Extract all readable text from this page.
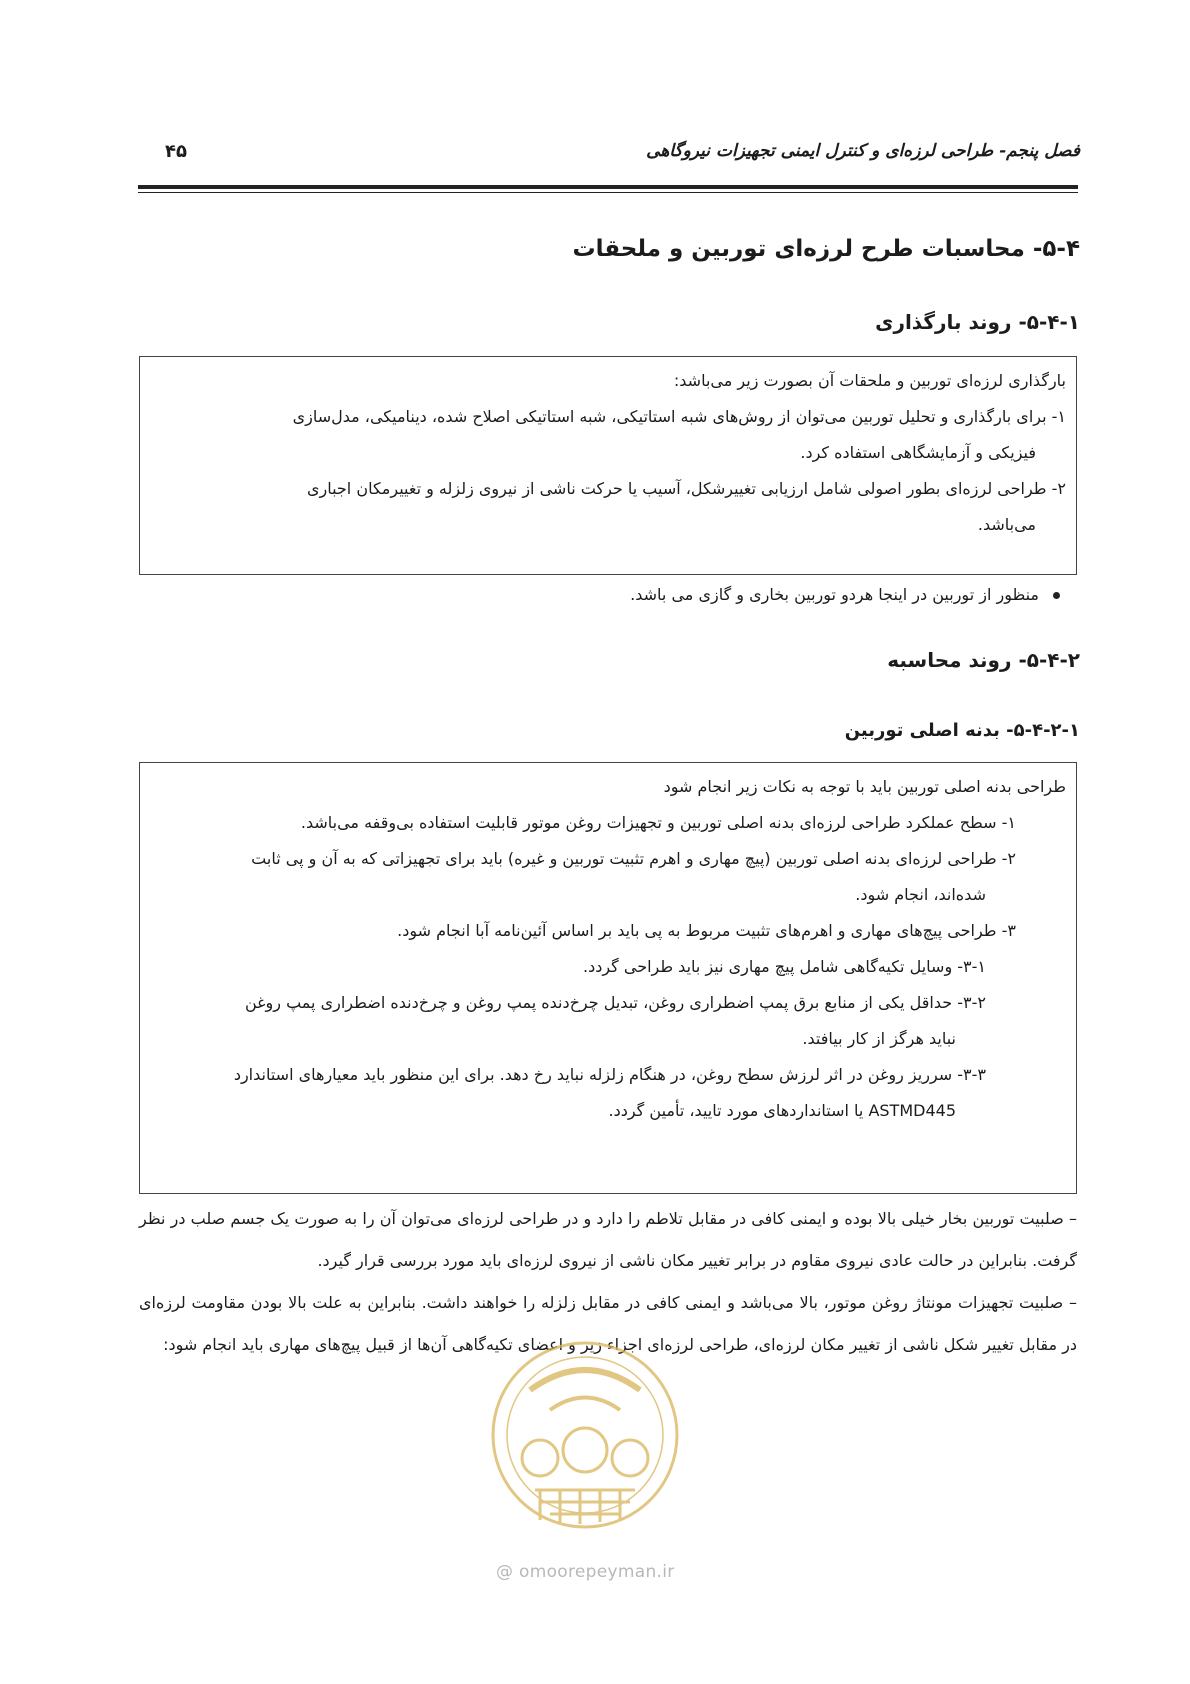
فصل پنجم- طراحی لرزه‌ای و کنترل ایمنی تجهیزات نیروگاهی
۴۵
۵-۴- محاسبات طرح لرزه‌ای توربین و ملحقات
۵-۴-۱- روند بارگذاری
بارگذاری لرزه‌ای توربین و ملحقات آن بصورت زیر می‌باشد:
۱- برای بارگذاری و تحلیل توربین می‌توان از روش‌های شبه استاتیکی، شبه استاتیکی اصلاح شده، دینامیکی، مدل‌سازی
فیزیکی و آزمایشگاهی استفاده کرد.
۲- طراحی لرزه‌ای بطور اصولی شامل ارزیابی تغییرشکل، آسیب یا حرکت ناشی از نیروی زلزله و تغییرمکان اجباری
می‌باشد.
منظور از توربین در اینجا هردو توربین بخاری و گازی می باشد.
۵-۴-۲- روند محاسبه
۵-۴-۲-۱- بدنه اصلی توربین
طراحی بدنه اصلی توربین باید با توجه به نکات زیر انجام شود
۱- سطح عملکرد طراحی لرزه‌ای بدنه اصلی توربین و تجهیزات روغن موتور قابلیت استفاده بی‌وقفه می‌باشد.
۲- طراحی لرزه‌ای بدنه اصلی توربین (پیچ مهاری و اهرم تثبیت توربین و غیره) باید برای تجهیزاتی که به آن و پی ثابت
شده‌اند، انجام شود.
۳- طراحی پیچ‌های مهاری و اهرم‌های تثبیت مربوط به پی باید بر اساس آئین‌نامه آبا انجام شود.
۳-۱- وسایل تکیه‌گاهی شامل پیچ مهاری نیز باید طراحی گردد.
۳-۲- حداقل یکی از منابع برق پمپ اضطراری روغن، تبدیل چرخ‌دنده پمپ روغن و چرخ‌دنده اضطراری پمپ روغن
نباید هرگز از کار بیافتد.
۳-۳- سرریز روغن در اثر لرزش سطح روغن، در هنگام زلزله نباید رخ دهد. برای این منظور باید معیارهای استاندارد
ASTMD445 یا استانداردهای مورد تایید، تأمین گردد.

– صلبیت توربین بخار خیلی بالا بوده و ایمنی کافی در مقابل تلاطم را دارد و در طراحی لرزه‌ای می‌توان آن را به صورت یک جسم صلب در نظر گرفت. بنابراین در حالت عادی نیروی مقاوم در برابر تغییر مکان ناشی از نیروی لرزه‌ای باید مورد بررسی قرار گیرد.

– صلبیت تجهیزات مونتاژ روغن موتور، بالا می‌باشد و ایمنی کافی در مقابل زلزله را خواهند داشت. بنابراین به علت بالا بودن مقاومت لرزه‌ای در مقابل تغییر شکل ناشی از تغییر مکان لرزه‌ای، طراحی لرزه‌ای اجزاء زیر و اعضای تکیه‌گاهی آن‌ها از قبیل پیچ‌های مهاری باید انجام شود:

@ omoorepeyman.ir
